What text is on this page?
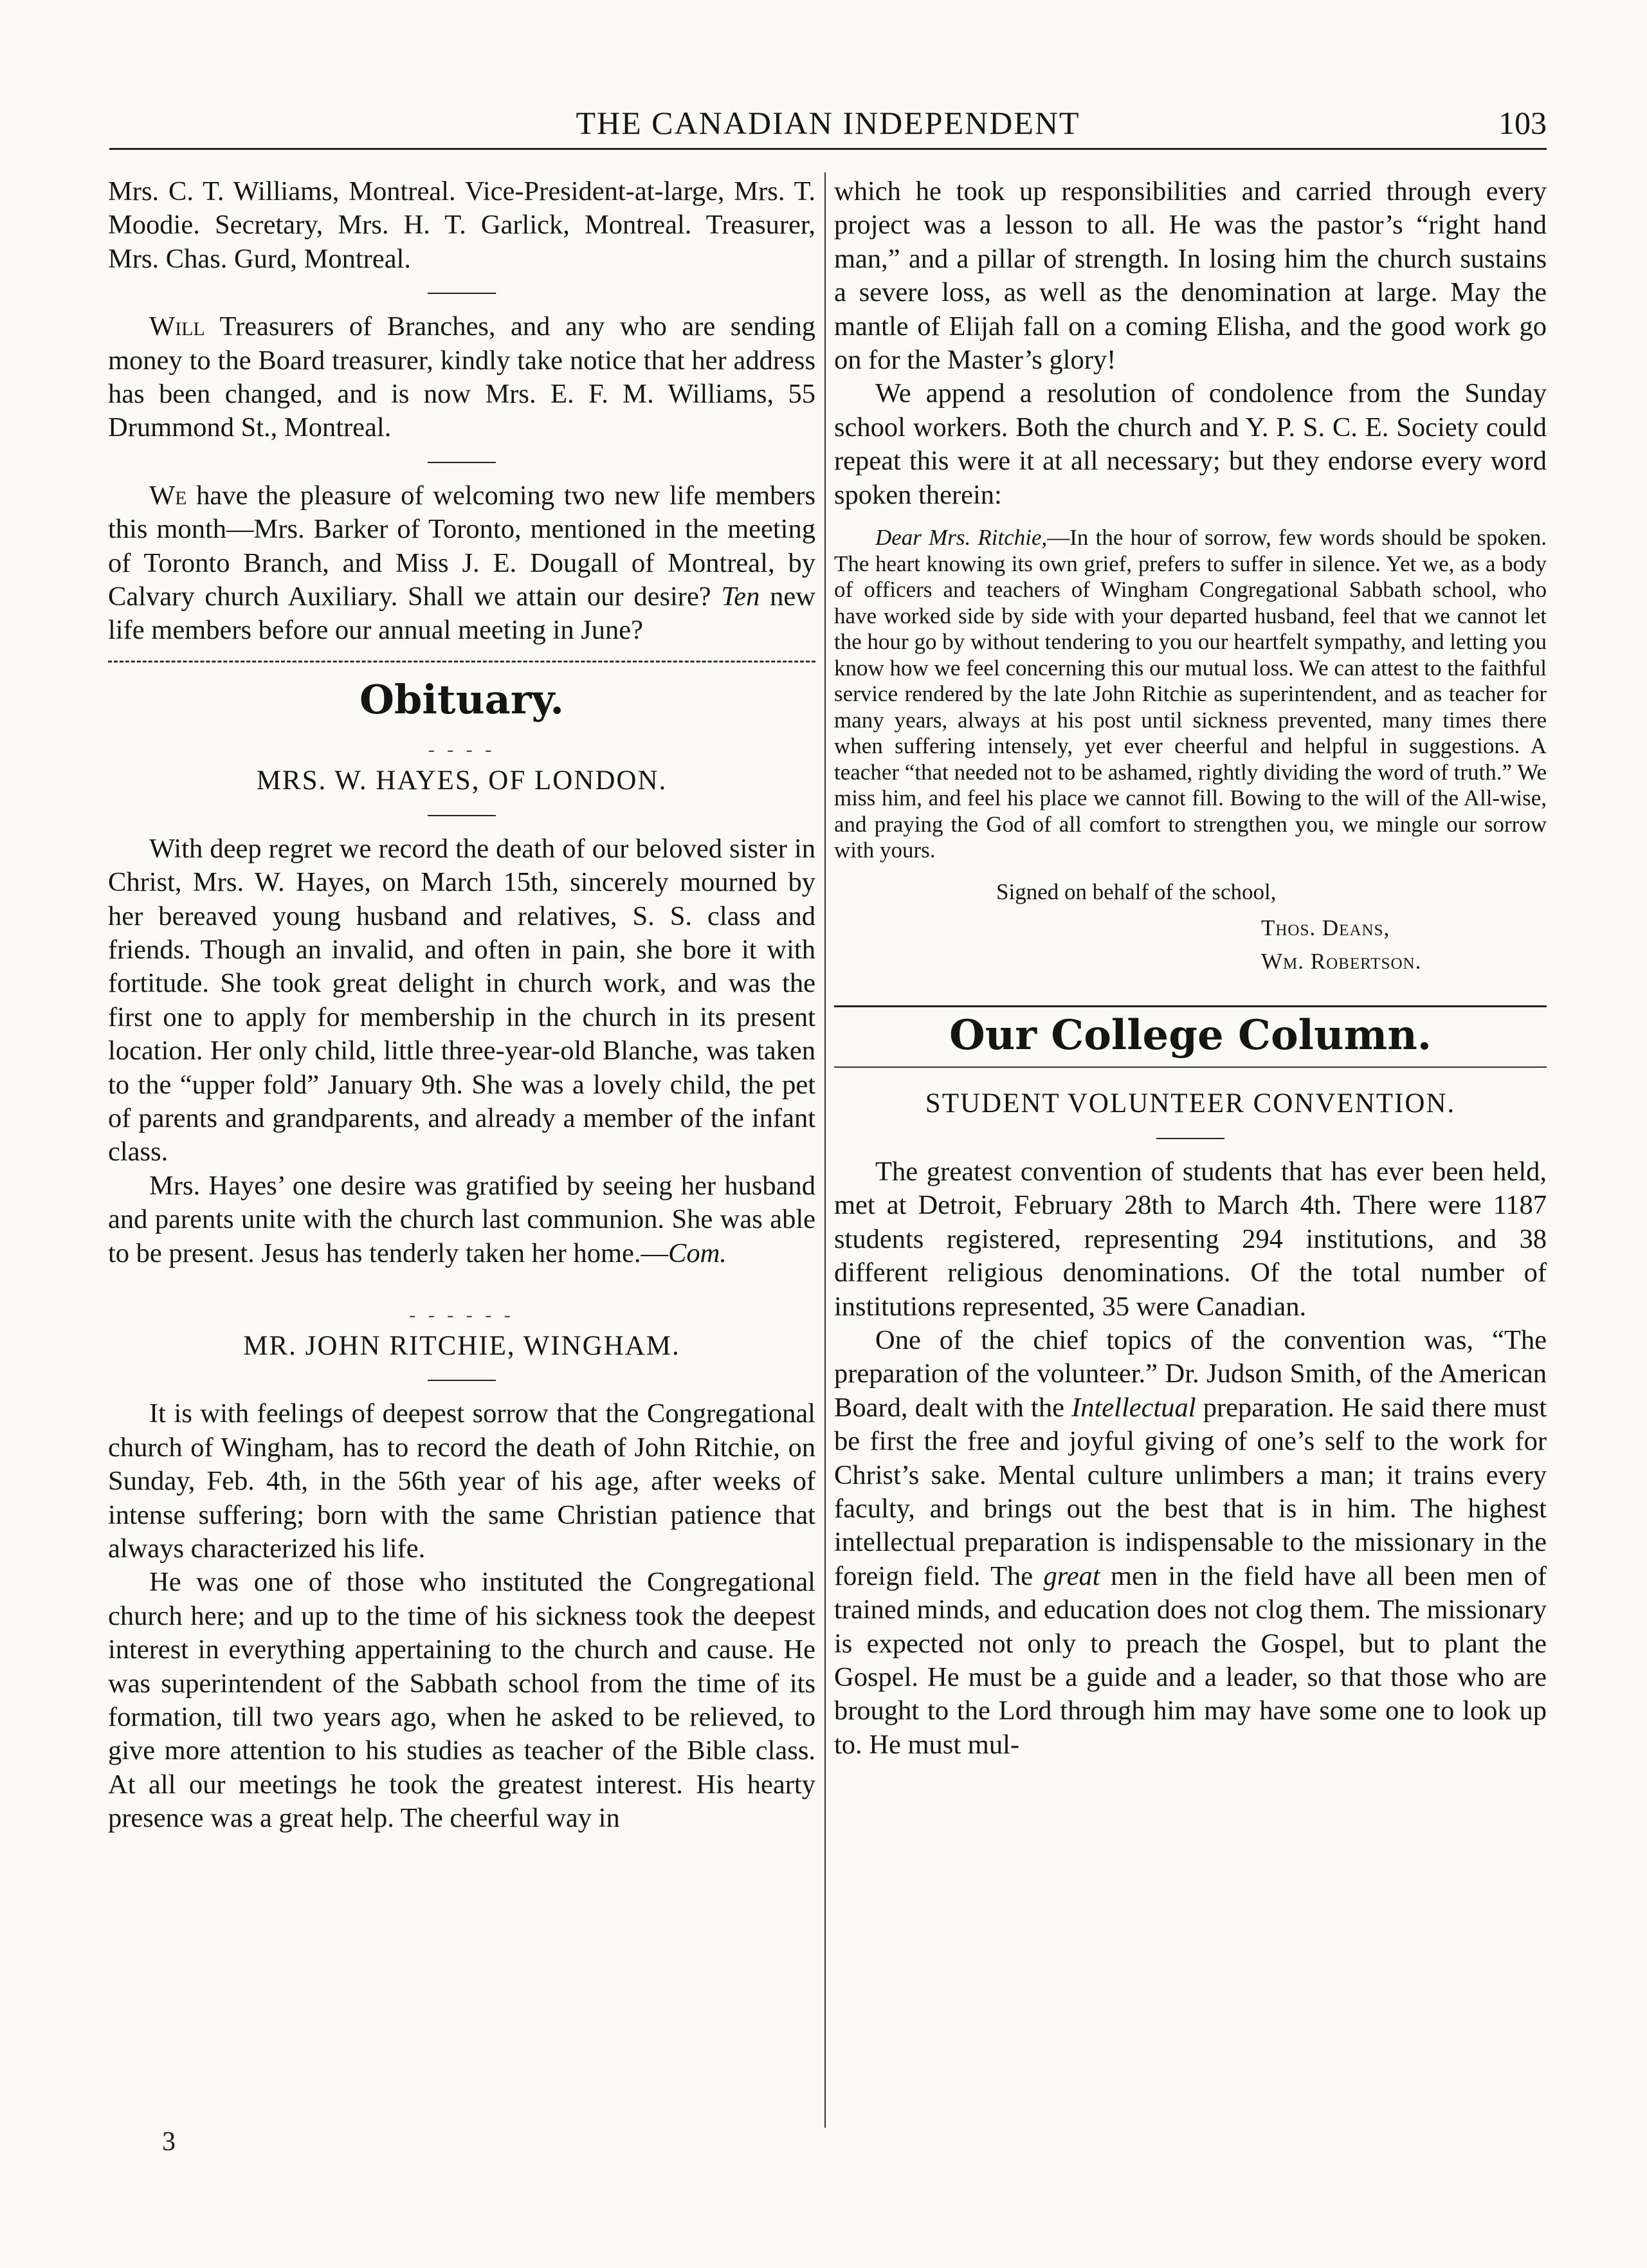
THE CANADIAN INDEPENDENT	103

Mrs. C. T. Williams, Montreal. Vice-President-at-large, Mrs. T. Moodie. Secretary, Mrs. H. T. Garlick, Montreal. Treasurer, Mrs. Chas. Gurd, Montreal.

Will Treasurers of Branches, and any who are sending money to the Board treasurer, kindly take notice that her address has been changed, and is now Mrs. E. F. M. Williams, 55 Drummond St., Montreal.

We have the pleasure of welcoming two new life members this month—Mrs. Barker of Toronto, mentioned in the meeting of Toronto Branch, and Miss J. E. Dougall of Montreal, by Calvary church Auxiliary. Shall we attain our desire? Ten new life members before our annual meeting in June?

Obituary.
- - - -
MRS. W. HAYES, OF LONDON.

With deep regret we record the death of our beloved sister in Christ, Mrs. W. Hayes, on March 15th, sincerely mourned by her bereaved young husband and relatives, S. S. class and friends. Though an invalid, and often in pain, she bore it with fortitude. She took great delight in church work, and was the first one to apply for membership in the church in its present location. Her only child, little three-year-old Blanche, was taken to the “upper fold” January 9th. She was a lovely child, the pet of parents and grandparents, and already a member of the infant class.

Mrs. Hayes’ one desire was gratified by seeing her husband and parents unite with the church last communion. She was able to be present. Jesus has tenderly taken her home.—Com.

- - - - - -
MR. JOHN RITCHIE, WINGHAM.

It is with feelings of deepest sorrow that the Congregational church of Wingham, has to record the death of John Ritchie, on Sunday, Feb. 4th, in the 56th year of his age, after weeks of intense suffering; born with the same Christian patience that always characterized his life.

He was one of those who instituted the Congregational church here; and up to the time of his sickness took the deepest interest in everything appertaining to the church and cause. He was superintendent of the Sabbath school from the time of its formation, till two years ago, when he asked to be relieved, to give more attention to his studies as teacher of the Bible class. At all our meetings he took the greatest interest. His hearty presence was a great help. The cheerful way in

which he took up responsibilities and carried through every project was a lesson to all. He was the pastor’s “right hand man,” and a pillar of strength. In losing him the church sustains a severe loss, as well as the denomination at large. May the mantle of Elijah fall on a coming Elisha, and the good work go on for the Master’s glory!

We append a resolution of condolence from the Sunday school workers. Both the church and Y. P. S. C. E. Society could repeat this were it at all necessary; but they endorse every word spoken therein:

Dear Mrs. Ritchie,—In the hour of sorrow, few words should be spoken. The heart knowing its own grief, prefers to suffer in silence. Yet we, as a body of officers and teachers of Wingham Congregational Sabbath school, who have worked side by side with your departed husband, feel that we cannot let the hour go by without tendering to you our heartfelt sympathy, and letting you know how we feel concerning this our mutual loss. We can attest to the faithful service rendered by the late John Ritchie as superintendent, and as teacher for many years, always at his post until sickness prevented, many times there when suffering intensely, yet ever cheerful and helpful in suggestions. A teacher “that needed not to be ashamed, rightly dividing the word of truth.” We miss him, and feel his place we cannot fill. Bowing to the will of the All-wise, and praying the God of all comfort to strengthen you, we mingle our sorrow with yours.

Signed on behalf of the school,

Thos. Deans,

Wm. Robertson.

Our College Column.
STUDENT VOLUNTEER CONVENTION.

The greatest convention of students that has ever been held, met at Detroit, February 28th to March 4th. There were 1187 students registered, representing 294 institutions, and 38 different religious denominations. Of the total number of institutions represented, 35 were Canadian.

One of the chief topics of the convention was, “The preparation of the volunteer.” Dr. Judson Smith, of the American Board, dealt with the Intellectual preparation. He said there must be first the free and joyful giving of one’s self to the work for Christ’s sake. Mental culture unlimbers a man; it trains every faculty, and brings out the best that is in him. The highest intellectual preparation is indispensable to the missionary in the foreign field. The great men in the field have all been men of trained minds, and education does not clog them. The missionary is expected not only to preach the Gospel, but to plant the Gospel. He must be a guide and a leader, so that those who are brought to the Lord through him may have some one to look up to. He must mul-

3
